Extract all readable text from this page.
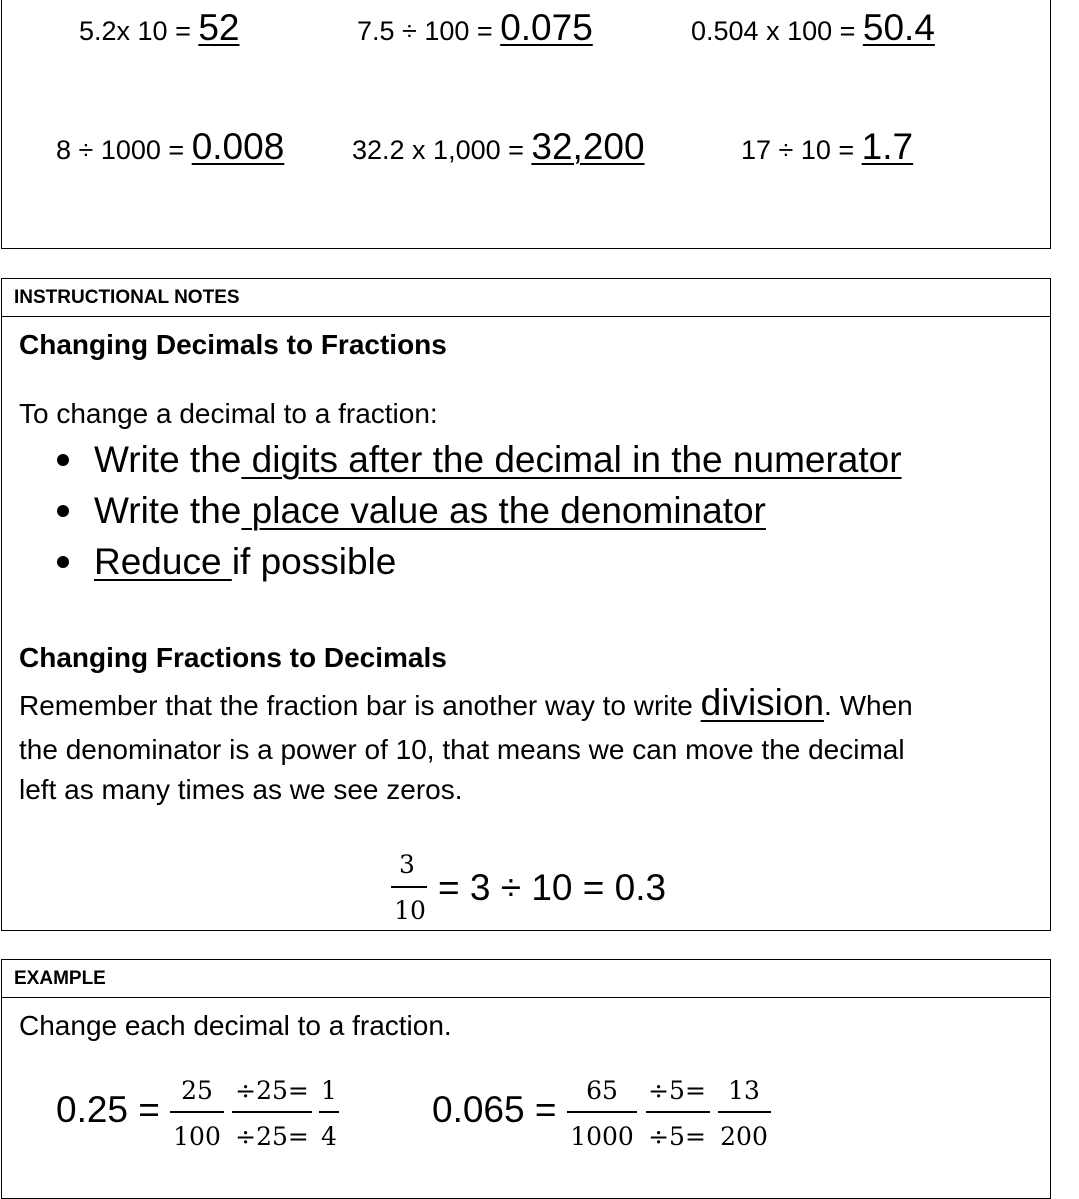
5.2x 10 = 52	7.5 ÷ 100 = 0.075	0.504 x 100 = 50.4
8 ÷ 1000 = 0.008	32.2 x 1,000 = 32,200	17 ÷ 10 = 1.7
INSTRUCTIONAL NOTES
Changing Decimals to Fractions
To change a decimal to a fraction:
Write the digits after the decimal in the numerator
Write the place value as the denominator
Reduce if possible
Changing Fractions to Decimals
Remember that the fraction bar is another way to write division. When
the denominator is a power of 10, that means we can move the decimal
left as many times as we see zeros.
3
10
= 3 ÷ 10 = 0.3
EXAMPLE
Change each decimal to a fraction.
0.25 = 25
100
÷25=
÷25=
1
4
0.065 =	65
1000
÷5=
÷5=
13
200
